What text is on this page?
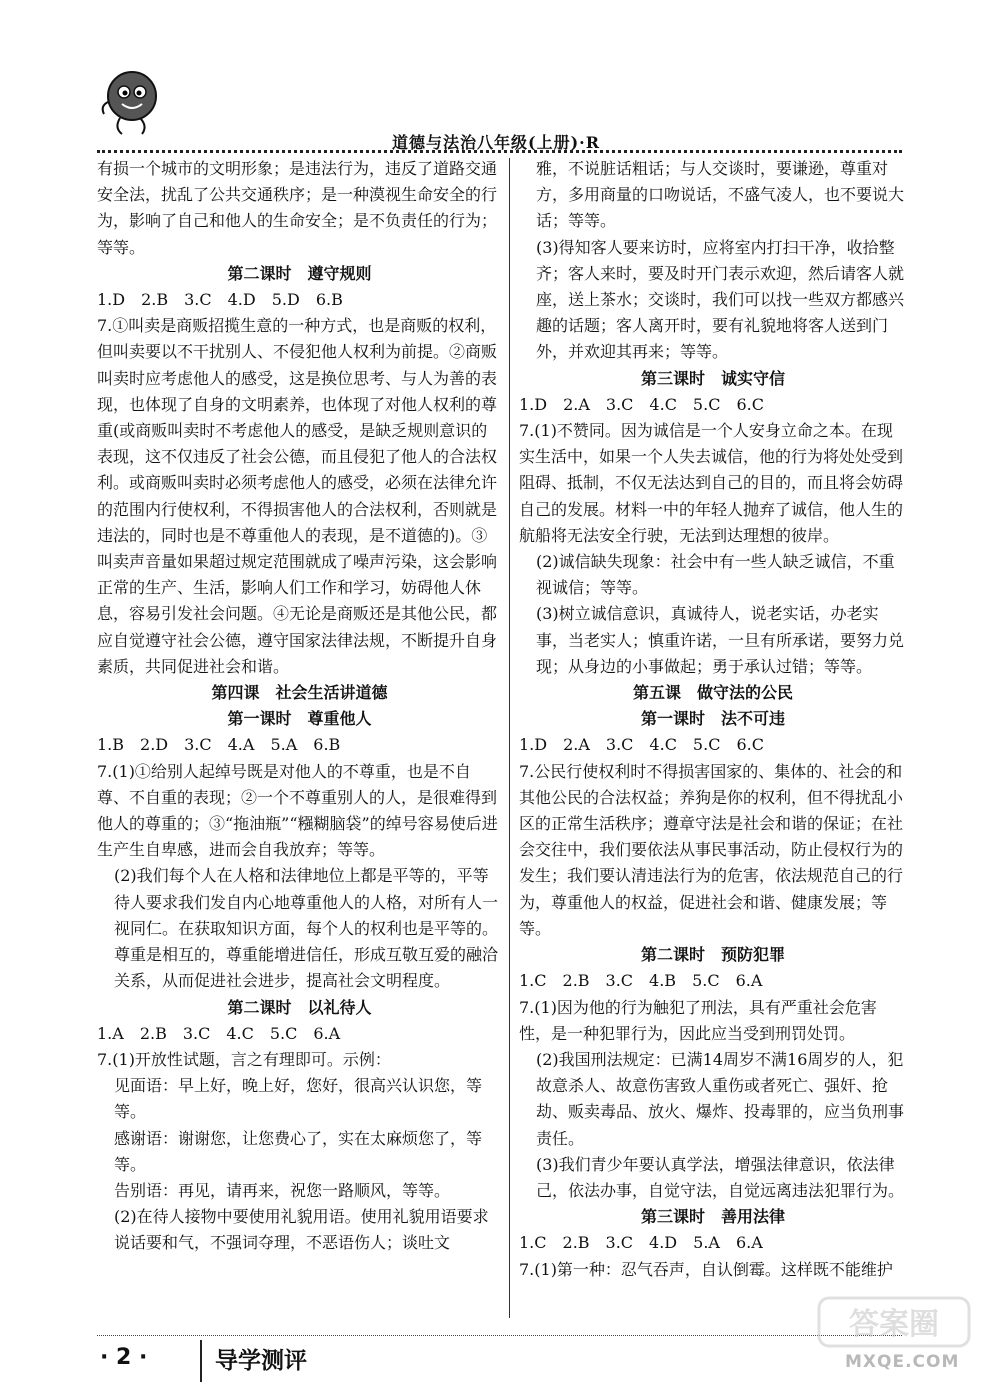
道德与法治八年级(上册)·R
有损一个城市的文明形象；是违法行为，违反了道路交通安全法，扰乱了公共交通秩序；是一种漠视生命安全的行为，影响了自己和他人的生命安全；是不负责任的行为；等等。
第二课时　遵守规则
1.D　2.B　3.C　4.D　5.D　6.B
7.①叫卖是商贩招揽生意的一种方式，也是商贩的权利，但叫卖要以不干扰别人、不侵犯他人权利为前提。②商贩叫卖时应考虑他人的感受，这是换位思考、与人为善的表现，也体现了自身的文明素养，也体现了对他人权利的尊重(或商贩叫卖时不考虑他人的感受，是缺乏规则意识的表现，这不仅违反了社会公德，而且侵犯了他人的合法权利。或商贩叫卖时必须考虑他人的感受，必须在法律允许的范围内行使权利，不得损害他人的合法权利，否则就是违法的，同时也是不尊重他人的表现，是不道德的)。③叫卖声音量如果超过规定范围就成了噪声污染，这会影响正常的生产、生活，影响人们工作和学习，妨碍他人休息，容易引发社会问题。④无论是商贩还是其他公民，都应自觉遵守社会公德，遵守国家法律法规，不断提升自身素质，共同促进社会和谐。
第四课　社会生活讲道德
第一课时　尊重他人
1.B　2.D　3.C　4.A　5.A　6.B
7.(1)①给别人起绰号既是对他人的不尊重，也是不自尊、不自重的表现；②一个不尊重别人的人，是很难得到他人的尊重的；③“拖油瓶”“糨糊脑袋”的绰号容易使后进生产生自卑感，进而会自我放弃；等等。
(2)我们每个人在人格和法律地位上都是平等的，平等待人要求我们发自内心地尊重他人的人格，对所有人一视同仁。在获取知识方面，每个人的权利也是平等的。尊重是相互的，尊重能增进信任，形成互敬互爱的融洽关系，从而促进社会进步，提高社会文明程度。
第二课时　以礼待人
1.A　2.B　3.C　4.C　5.C　6.A
7.(1)开放性试题，言之有理即可。示例：
见面语：早上好，晚上好，您好，很高兴认识您，等等。
感谢语：谢谢您，让您费心了，实在太麻烦您了，等等。
告别语：再见，请再来，祝您一路顺风，等等。
(2)在待人接物中要使用礼貌用语。使用礼貌用语要求说话要和气，不强词夺理，不恶语伤人；谈吐文
雅，不说脏话粗话；与人交谈时，要谦逊，尊重对方，多用商量的口吻说话，不盛气凌人，也不要说大话；等等。
(3)得知客人要来访时，应将室内打扫干净，收拾整齐；客人来时，要及时开门表示欢迎，然后请客人就座，送上茶水；交谈时，我们可以找一些双方都感兴趣的话题；客人离开时，要有礼貌地将客人送到门外，并欢迎其再来；等等。
第三课时　诚实守信
1.D　2.A　3.C　4.C　5.C　6.C
7.(1)不赞同。因为诚信是一个人安身立命之本。在现实生活中，如果一个人失去诚信，他的行为将处处受到阻碍、抵制，不仅无法达到自己的目的，而且将会妨碍自己的发展。材料一中的年轻人抛弃了诚信，他人生的航船将无法安全行驶，无法到达理想的彼岸。
(2)诚信缺失现象：社会中有一些人缺乏诚信，不重视诚信；等等。
(3)树立诚信意识，真诚待人，说老实话，办老实事，当老实人；慎重许诺，一旦有所承诺，要努力兑现；从身边的小事做起；勇于承认过错；等等。
第五课　做守法的公民
第一课时　法不可违
1.D　2.A　3.C　4.C　5.C　6.C
7.公民行使权利时不得损害国家的、集体的、社会的和其他公民的合法权益；养狗是你的权利，但不得扰乱小区的正常生活秩序；遵章守法是社会和谐的保证；在社会交往中，我们要依法从事民事活动，防止侵权行为的发生；我们要认清违法行为的危害，依法规范自己的行为，尊重他人的权益，促进社会和谐、健康发展；等等。
第二课时　预防犯罪
1.C　2.B　3.C　4.B　5.C　6.A
7.(1)因为他的行为触犯了刑法，具有严重社会危害性，是一种犯罪行为，因此应当受到刑罚处罚。
(2)我国刑法规定：已满14周岁不满16周岁的人，犯故意杀人、故意伤害致人重伤或者死亡、强奸、抢劫、贩卖毒品、放火、爆炸、投毒罪的，应当负刑事责任。
(3)我们青少年要认真学法，增强法律意识，依法律己，依法办事，自觉守法，自觉远离违法犯罪行为。
第三课时　善用法律
1.C　2.B　3.C　4.D　5.A　6.A
7.(1)第一种：忍气吞声，自认倒霉。这样既不能维护
· 2 ·	导学测评
答案圈
MXQE.COM
